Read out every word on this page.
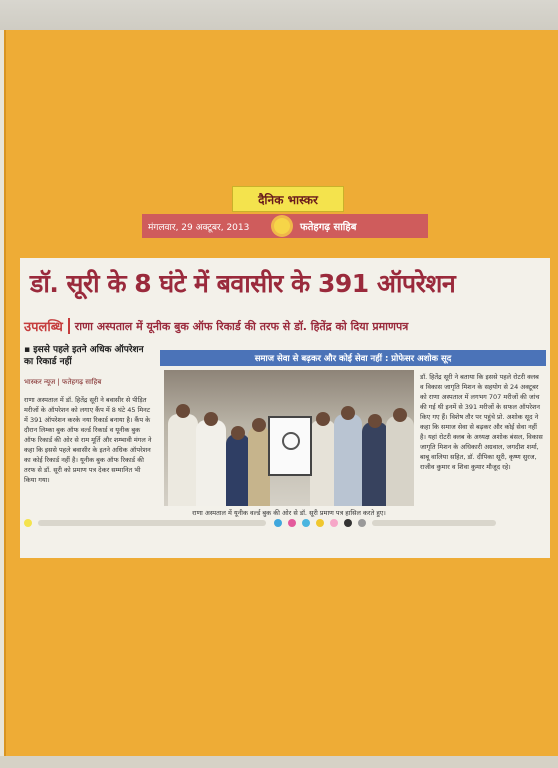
दैनिक भास्कर
मंगलवार, 29 अक्टूबर, 2013	फतेहगढ़ साहिब
डॉ. सूरी के 8 घंटे में बवासीर के 391 ऑपरेशन
उपलब्धि राणा अस्पताल में यूनीक बुक ऑफ रिकार्ड की तरफ से डॉ. हितेंद्र को दिया प्रमाणपत्र
▪ इससे पहले इतने अधिक ऑपरेशन का रिकार्ड नहीं
भास्कर न्यूज | फतेहगढ़ साहिब
राणा अस्पताल में डॉ. हितेंद्र सूरी ने बवासीर से पीड़ित मरीजों के ऑपरेशन को लगाए कैंप में 8 घंटे 45 मिनट में 391 ऑपरेशन करके नया रिकार्ड बनाया है। कैंप के दौरान लिम्का बुक ऑफ वर्ल्ड रिकार्ड व यूनीक बुक ऑफ रिकार्ड की ओर से राम मूर्ति और शम्भावी मंगल ने कहा कि इससे पहले बवासीर के इतने अधिक ऑपरेशन का कोई रिकार्ड नहीं है। यूनीक बुक ऑफ रिकार्ड की तरफ से डॉ. सूरी को प्रमाण पत्र देकर सम्मानित भी किया गया।
समाज सेवा से बढ़कर और कोई सेवा नहीं : प्रोफेसर अशोक सूद
राणा अस्पताल में यूनीक वर्ल्ड बुक की ओर से डॉ. सूरी प्रमाण पत्र हासिल करते हुए।
डॉ. हितेंद्र सूरी ने बताया कि इससे पहले रोटरी क्लब व विकास जागृति मिशन के सहयोग से 24 अक्टूबर को राणा अस्पताल में लगभग 707 मरीजों की जांच की गई थी इनमें से 391 मरीजों के सफल ऑपरेशन किए गए हैं। विशेष तौर पर पहुंचे प्रो. अशोक सूद ने कहा कि समाज सेवा से बढ़कर और कोई सेवा नहीं है। यहां रोटरी क्लब के अध्यक्ष अशोक बंसल, विकास जागृति मिशन के अधिकारी अग्रवाल, जगदीश शर्मा, बाबू वालिया सहित, डॉ. दीपिका सूरी, कृष्ण सुरज, राजीव कुमार व शिवा कुमार मौजूद रहे।
